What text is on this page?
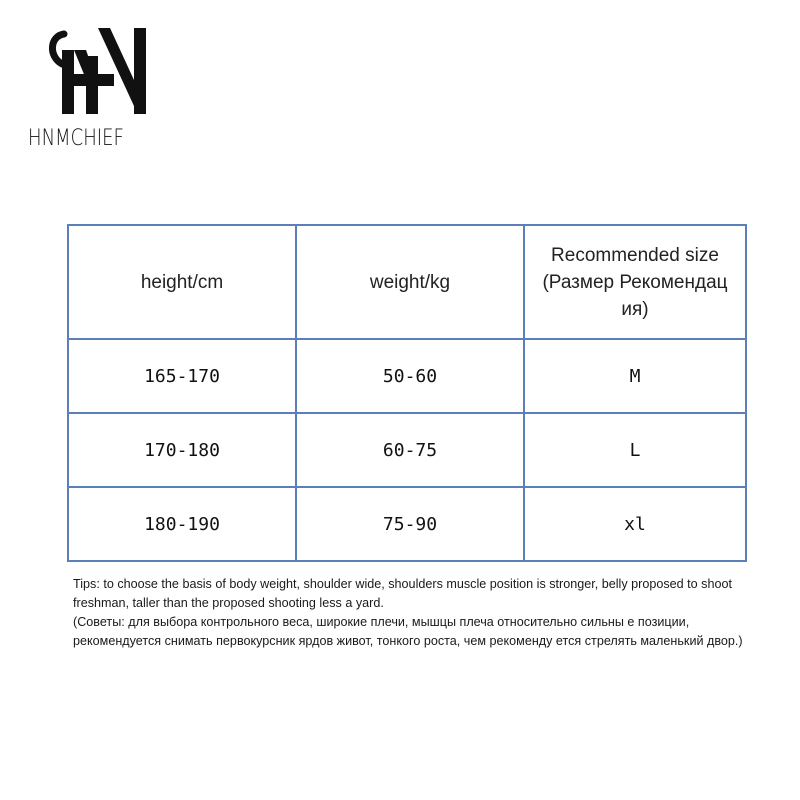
HNMCHIEF
height/cm	weight/kg	Recommended size
(Размер Рекомендац
ия)
165-170	50-60	M
170-180	60-75	L
180-190	75-90	xl

Tips: to choose the basis of body weight, shoulder wide, shoulders muscle position is stronger, belly proposed to shoot freshman, taller than the proposed shooting less a yard.

(Советы: для выбора контрольного веса, широкие плечи, мышцы плеча относительно сильны е позиции, рекомендуется снимать первокурсник ярдов живот, тонкого роста, чем рекоменду ется стрелять маленький двор.)
